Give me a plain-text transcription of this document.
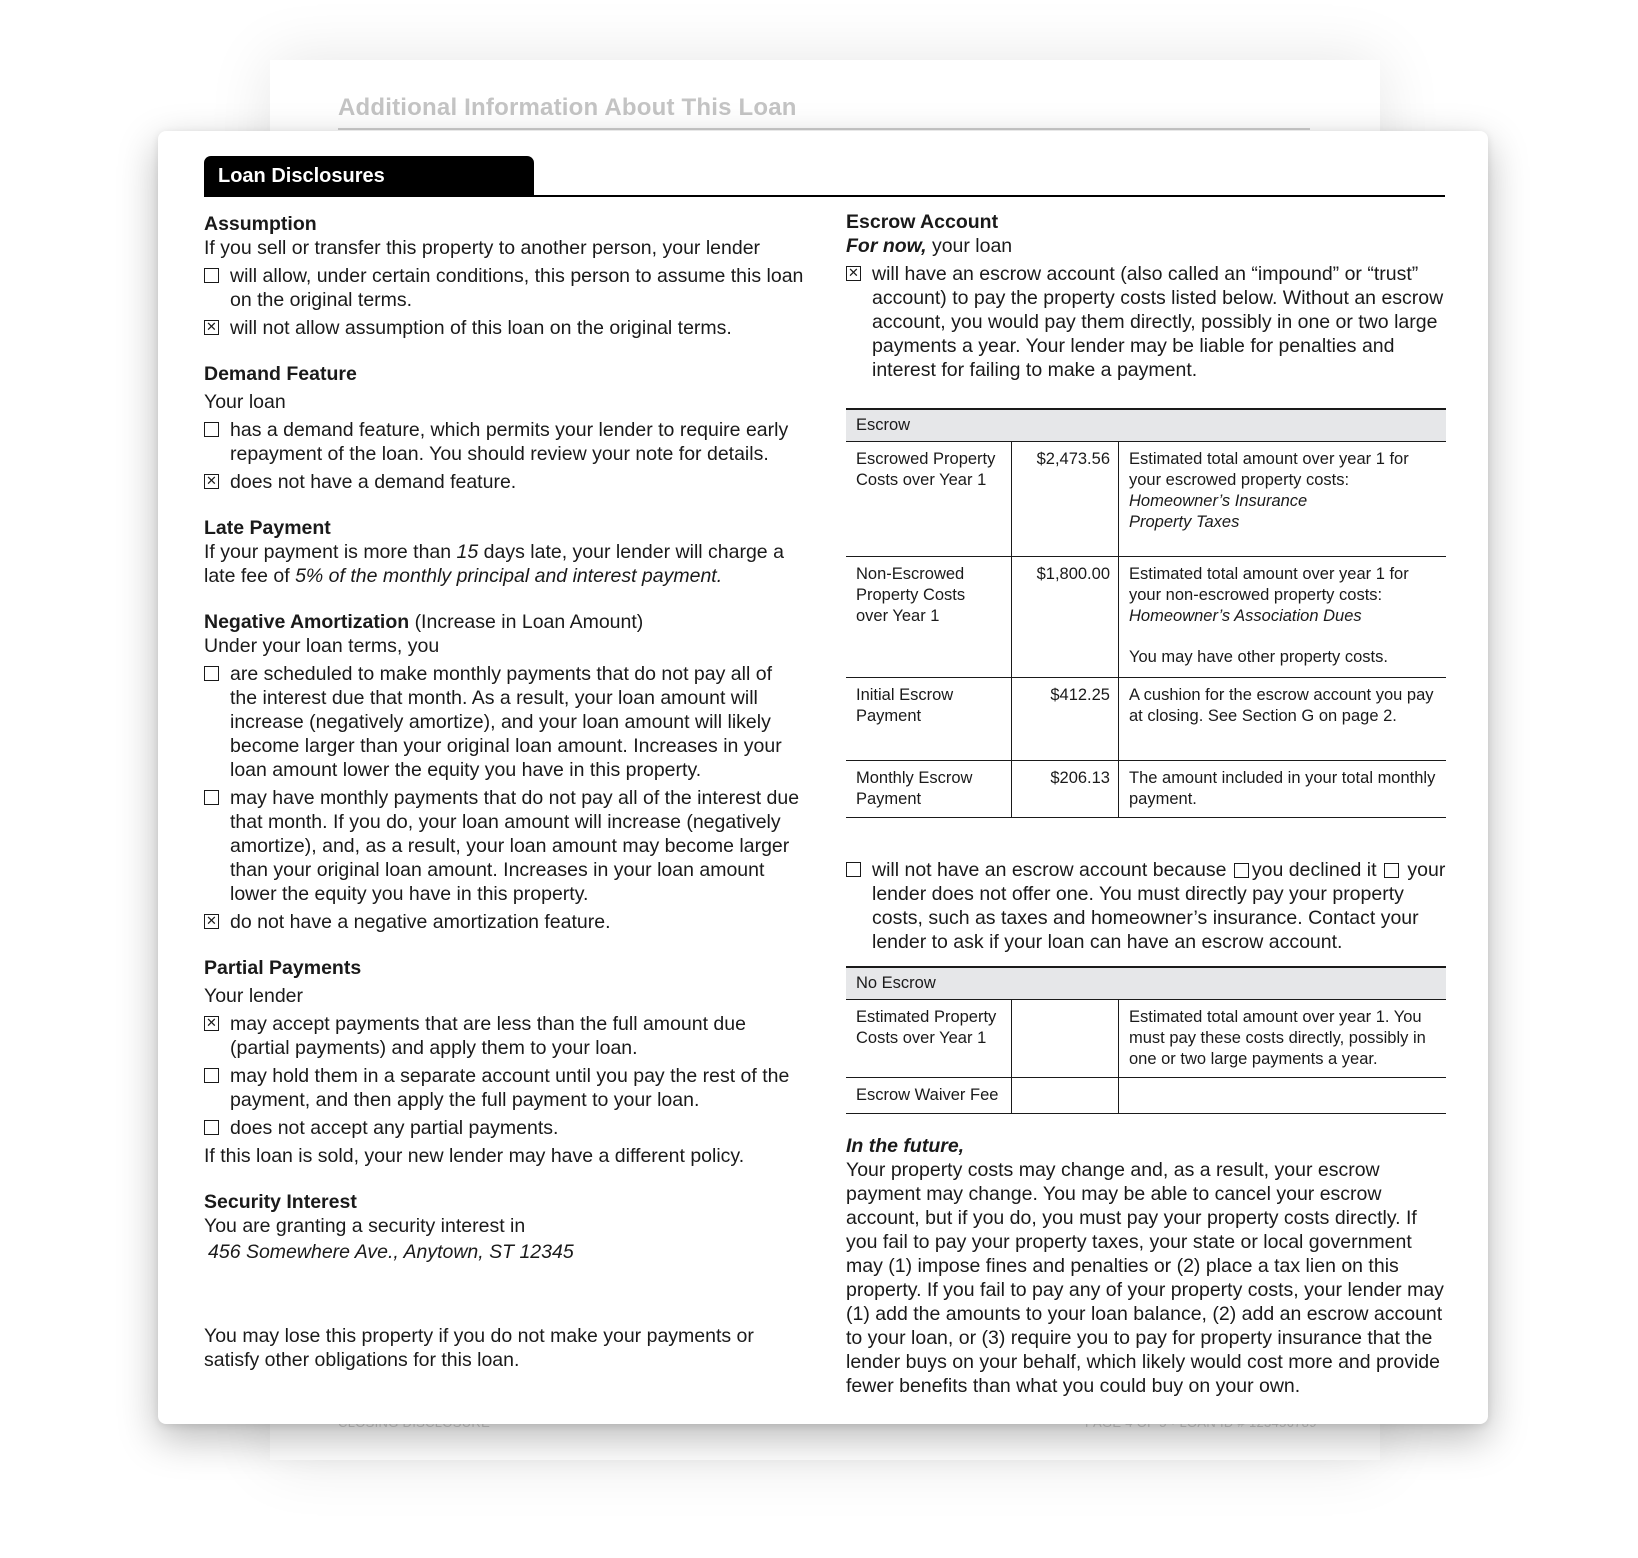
Additional Information About This Loan
Loan Disclosures
Assumption
If you sell or transfer this property to another person, your lender
will allow, under certain conditions, this person to assume this loan on the original terms.
✕
will not allow assumption of this loan on the original terms.
Demand Feature
Your loan
has a demand feature, which permits your lender to require early repayment of the loan. You should review your note for details.
✕
does not have a demand feature.
Late Payment
If your payment is more than 15 days late, your lender will charge a late fee of 5% of the monthly principal and interest payment.
Negative Amortization (Increase in Loan Amount)
Under your loan terms, you
are scheduled to make monthly payments that do not pay all of the interest due that month. As a result, your loan amount will increase (negatively amortize), and your loan amount will likely become larger than your original loan amount. Increases in your loan amount lower the equity you have in this property.
may have monthly payments that do not pay all of the interest due that month. If you do, your loan amount will increase (negatively amortize), and, as a result, your loan amount may become larger than your original loan amount. Increases in your loan amount lower the equity you have in this property.
✕
do not have a negative amortization feature.
Partial Payments
Your lender
✕
may accept payments that are less than the full amount due (partial payments) and apply them to your loan.
may hold them in a separate account until you pay the rest of the payment, and then apply the full payment to your loan.
does not accept any partial payments.
If this loan is sold, your new lender may have a different policy.
Security Interest
You are granting a security interest in
456 Somewhere Ave., Anytown, ST 12345
You may lose this property if you do not make your payments or satisfy other obligations for this loan.
Escrow Account
For now, your loan
✕
will have an escrow account (also called an “impound” or “trust” account) to pay the property costs listed below. Without an escrow account, you would pay them directly, possibly in one or two large payments a year. Your lender may be liable for penalties and interest for failing to make a payment.
Escrow		
Escrowed Property Costs over Year 1	$2,473.56	Estimated total amount over year 1 for your escrowed property costs:
Homeowner’s Insurance
Property Taxes

Non-Escrowed Property Costs over Year 1	$1,800.00	Estimated total amount over year 1 for your non-escrowed property costs:
Homeowner’s Association Dues
You may have other property costs.

Initial Escrow Payment	$412.25	A cushion for the escrow account you pay at closing. See Section G on page 2.
Monthly Escrow Payment	$206.13	The amount included in your total monthly payment.
will not have an escrow account because you declined it your lender does not offer one. You must directly pay your property costs, such as taxes and homeowner’s insurance. Contact your lender to ask if your loan can have an escrow account.
No Escrow		
Estimated Property Costs over Year 1		Estimated total amount over year 1. You must pay these costs directly, possibly in one or two large payments a year.
Escrow Waiver Fee		
In the future,
Your property costs may change and, as a result, your escrow payment may change. You may be able to cancel your escrow account, but if you do, you must pay your property costs directly. If you fail to pay your property taxes, your state or local government may (1) impose fines and penalties or (2) place a tax lien on this property. If you fail to pay any of your property costs, your lender may (1) add the amounts to your loan balance, (2) add an escrow account to your loan, or (3) require you to pay for property insurance that the lender buys on your behalf, which likely would cost more and provide fewer benefits than what you could buy on your own.
